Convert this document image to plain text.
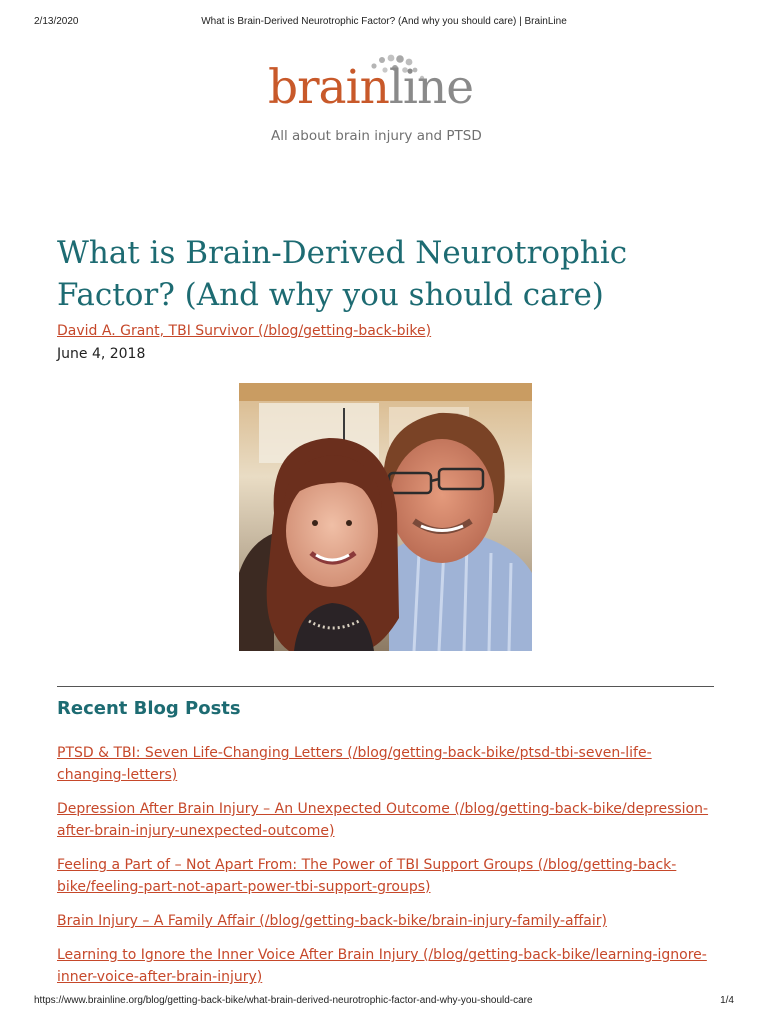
2/13/2020	What is Brain-Derived Neurotrophic Factor? (And why you should care) | BrainLine
brainline
All about brain injury and PTSD
What is Brain-Derived Neurotrophic Factor? (And why you should care)
David A. Grant, TBI Survivor (/blog/getting-back-bike)
June 4, 2018
Recent Blog Posts
PTSD & TBI: Seven Life-Changing Letters (/blog/getting-back-bike/ptsd-tbi-seven-life-changing-letters)
Depression After Brain Injury – An Unexpected Outcome (/blog/getting-back-bike/depression-after-brain-injury-unexpected-outcome)
Feeling a Part of – Not Apart From: The Power of TBI Support Groups (/blog/getting-back-bike/feeling-part-not-apart-power-tbi-support-groups)
Brain Injury – A Family Affair (/blog/getting-back-bike/brain-injury-family-affair)
Learning to Ignore the Inner Voice After Brain Injury (/blog/getting-back-bike/learning-ignore-inner-voice-after-brain-injury)
https://www.brainline.org/blog/getting-back-bike/what-brain-derived-neurotrophic-factor-and-why-you-should-care	1/4
